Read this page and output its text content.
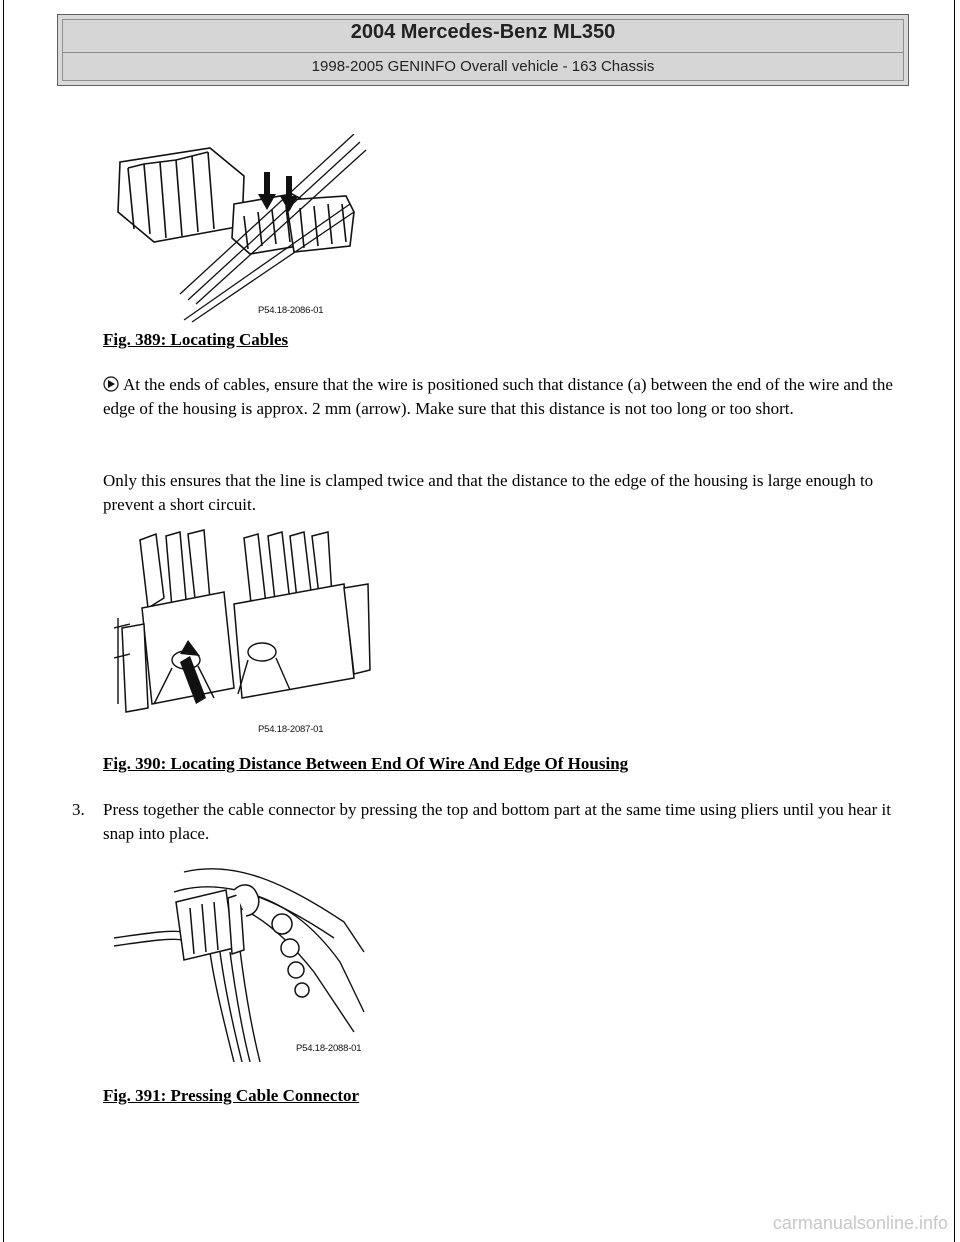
2004 Mercedes-Benz ML350
1998-2005 GENINFO Overall vehicle - 163 Chassis
P54.18-2086-01
Fig. 389: Locating Cables

At the ends of cables, ensure that the wire is positioned such that distance (a) between the end of the wire and the edge of the housing is approx. 2 mm (arrow). Make sure that this distance is not too long or too short.

Only this ensures that the line is clamped twice and that the distance to the edge of the housing is large enough to prevent a short circuit.
P54.18-2087-01
Fig. 390: Locating Distance Between End Of Wire And Edge Of Housing
3. Press together the cable connector by pressing the top and bottom part at the same time using pliers until you hear it snap into place.
P54.18-2088-01
Fig. 391: Pressing Cable Connector
carmanualsonline.info
